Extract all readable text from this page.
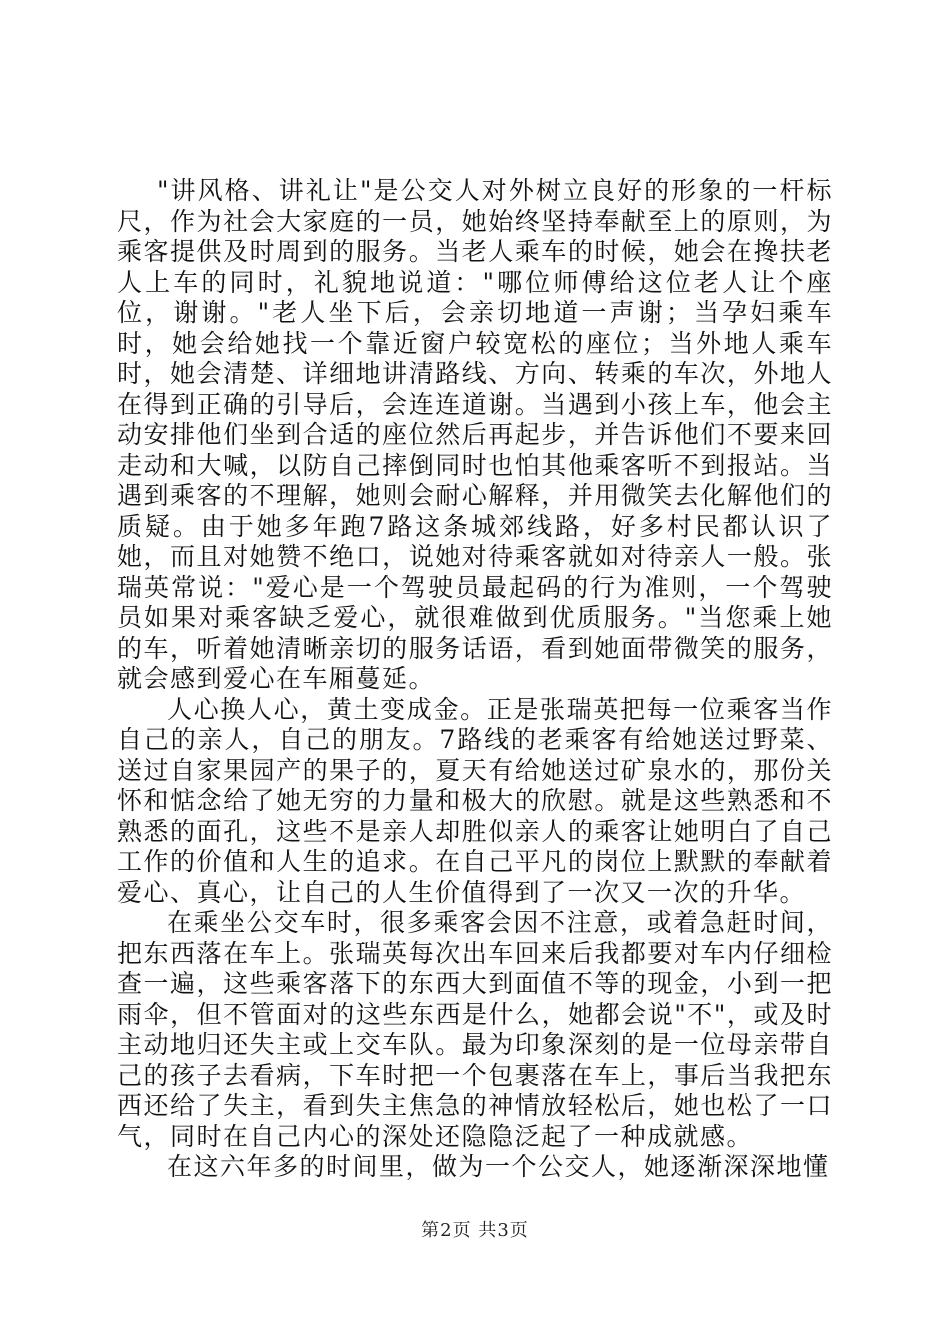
"讲风格、讲礼让"是公交人对外树立良好的形象的一杆标尺，作为社会大家庭的一员，她始终坚持奉献至上的原则，为乘客提供及时周到的服务。当老人乘车的时候，她会在搀扶老人上车的同时，礼貌地说道："哪位师傅给这位老人让个座位，谢谢。"老人坐下后，会亲切地道一声谢；当孕妇乘车时，她会给她找一个靠近窗户较宽松的座位；当外地人乘车时，她会清楚、详细地讲清路线、方向、转乘的车次，外地人在得到正确的引导后，会连连道谢。当遇到小孩上车，他会主动安排他们坐到合适的座位然后再起步，并告诉他们不要来回走动和大喊，以防自己摔倒同时也怕其他乘客听不到报站。当遇到乘客的不理解，她则会耐心解释，并用微笑去化解他们的质疑。由于她多年跑7路这条城郊线路，好多村民都认识了她，而且对她赞不绝口，说她对待乘客就如对待亲人一般。张瑞英常说："爱心是一个驾驶员最起码的行为准则，一个驾驶员如果对乘客缺乏爱心，就很难做到优质服务。"当您乘上她的车，听着她清晰亲切的服务话语，看到她面带微笑的服务，就会感到爱心在车厢蔓延。

人心换人心，黄土变成金。正是张瑞英把每一位乘客当作自己的亲人，自己的朋友。7路线的老乘客有给她送过野菜、送过自家果园产的果子的，夏天有给她送过矿泉水的，那份关怀和惦念给了她无穷的力量和极大的欣慰。就是这些熟悉和不熟悉的面孔，这些不是亲人却胜似亲人的乘客让她明白了自己工作的价值和人生的追求。在自己平凡的岗位上默默的奉献着爱心、真心，让自己的人生价值得到了一次又一次的升华。

在乘坐公交车时，很多乘客会因不注意，或着急赶时间，把东西落在车上。张瑞英每次出车回来后我都要对车内仔细检查一遍，这些乘客落下的东西大到面值不等的现金，小到一把雨伞，但不管面对的这些东西是什么，她都会说"不"，或及时主动地归还失主或上交车队。最为印象深刻的是一位母亲带自己的孩子去看病，下车时把一个包裹落在车上，事后当我把东西还给了失主，看到失主焦急的神情放轻松后，她也松了一口气，同时在自己内心的深处还隐隐泛起了一种成就感。

在这六年多的时间里，做为一个公交人，她逐渐深深地懂

第2页 共3页
